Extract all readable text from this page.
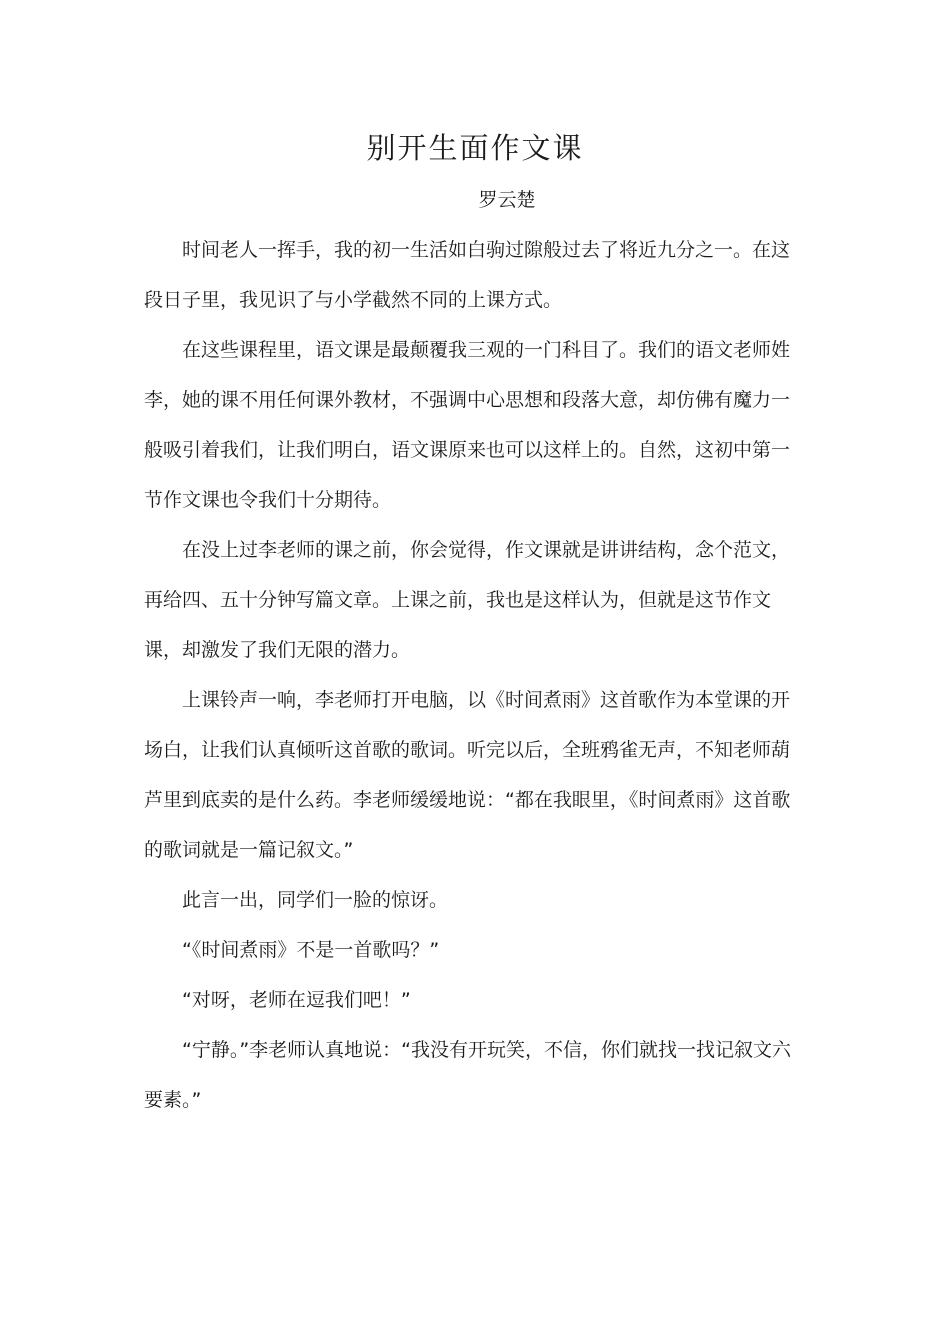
别开生面作文课
罗云楚

时间老人一挥手，我的初一生活如白驹过隙般过去了将近九分之一。在这段日子里，我见识了与小学截然不同的上课方式。

在这些课程里，语文课是最颠覆我三观的一门科目了。我们的语文老师姓李，她的课不用任何课外教材，不强调中心思想和段落大意，却仿佛有魔力一般吸引着我们，让我们明白，语文课原来也可以这样上的。自然，这初中第一节作文课也令我们十分期待。

在没上过李老师的课之前，你会觉得，作文课就是讲讲结构，念个范文，再给四、五十分钟写篇文章。上课之前，我也是这样认为，但就是这节作文课，却激发了我们无限的潜力。

上课铃声一响，李老师打开电脑，以《时间煮雨》这首歌作为本堂课的开场白，让我们认真倾听这首歌的歌词。听完以后，全班鸦雀无声，不知老师葫芦里到底卖的是什么药。李老师缓缓地说：“都在我眼里，《时间煮雨》这首歌的歌词就是一篇记叙文。”

此言一出，同学们一脸的惊讶。

“《时间煮雨》不是一首歌吗？”

“对呀，老师在逗我们吧！”

“宁静。”李老师认真地说：“我没有开玩笑，不信，你们就找一找记叙文六要素。”
